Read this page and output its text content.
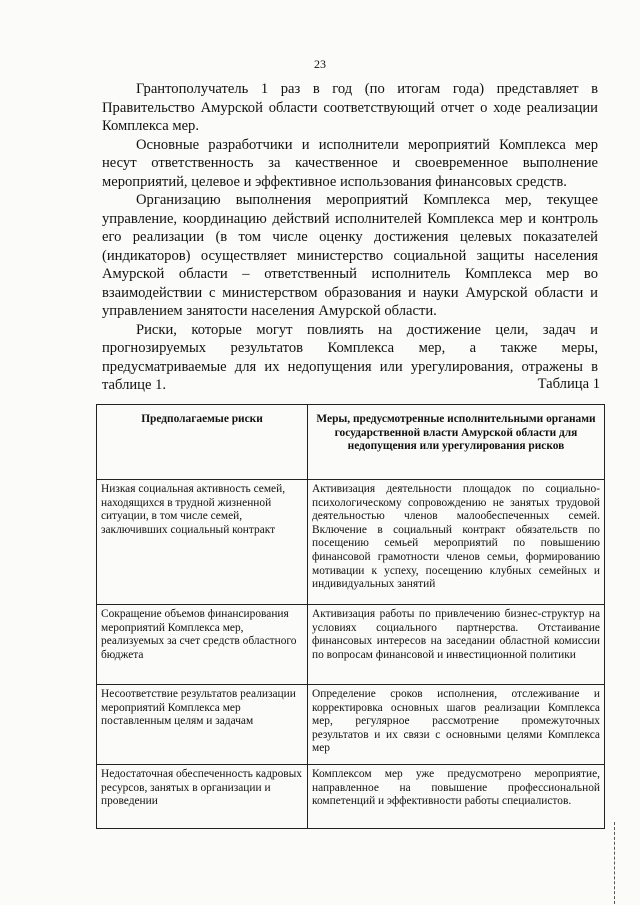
23

Грантополучатель 1 раз в год (по итогам года) представляет в Правительство Амурской области соответствующий отчет о ходе реализации Комплекса мер.

Основные разработчики и исполнители мероприятий Комплекса мер несут ответственность за качественное и своевременное выполнение мероприятий, целевое и эффективное использования финансовых средств.

Организацию выполнения мероприятий Комплекса мер, текущее управление, координацию действий исполнителей Комплекса мер и контроль его реализации (в том числе оценку достижения целевых показателей (индикаторов) осуществляет министерство социальной защиты населения Амурской области – ответственный исполнитель Комплекса мер во взаимодействии с министерством образования и науки Амурской области и управлением занятости населения Амурской области.

Риски, которые могут повлиять на достижение цели, задач и прогнозируемых результатов Комплекса мер, а также меры, предусматриваемые для их недопущения или урегулирования, отражены в таблице 1.	Таблица 1
Предполагаемые риски	Меры, предусмотренные исполнительными органами государственной власти Амурской области для недопущения или урегулирования рисков
Низкая социальная активность семей, находящихся в трудной жизненной ситуации, в том числе семей, заключивших социальный контракт	Активизация деятельности площадок по социально-психологическому сопровождению не занятых трудовой деятельностью членов малообеспеченных семей. Включение в социальный контракт обязательств по посещению семьей мероприятий по повышению финансовой грамотности членов семьи, формированию мотивации к успеху, посещению клубных семейных и индивидуальных занятий
Сокращение объемов финансирования мероприятий Комплекса мер, реализуемых за счет средств областного бюджета	Активизация работы по привлечению бизнес-структур на условиях социального партнерства. Отстаивание финансовых интересов на заседании областной комиссии по вопросам финансовой и инвестиционной политики
Несоответствие результатов реализации мероприятий Комплекса мер поставленным целям и задачам	Определение сроков исполнения, отслеживание и корректировка основных шагов реализации Комплекса мер, регулярное рассмотрение промежуточных результатов и их связи с основными целями Комплекса мер
Недостаточная обеспеченность кадровых ресурсов, занятых в организации и проведении	Комплексом мер уже предусмотрено мероприятие, направленное на повышение профессиональной компетенций и эффективности работы специалистов.
